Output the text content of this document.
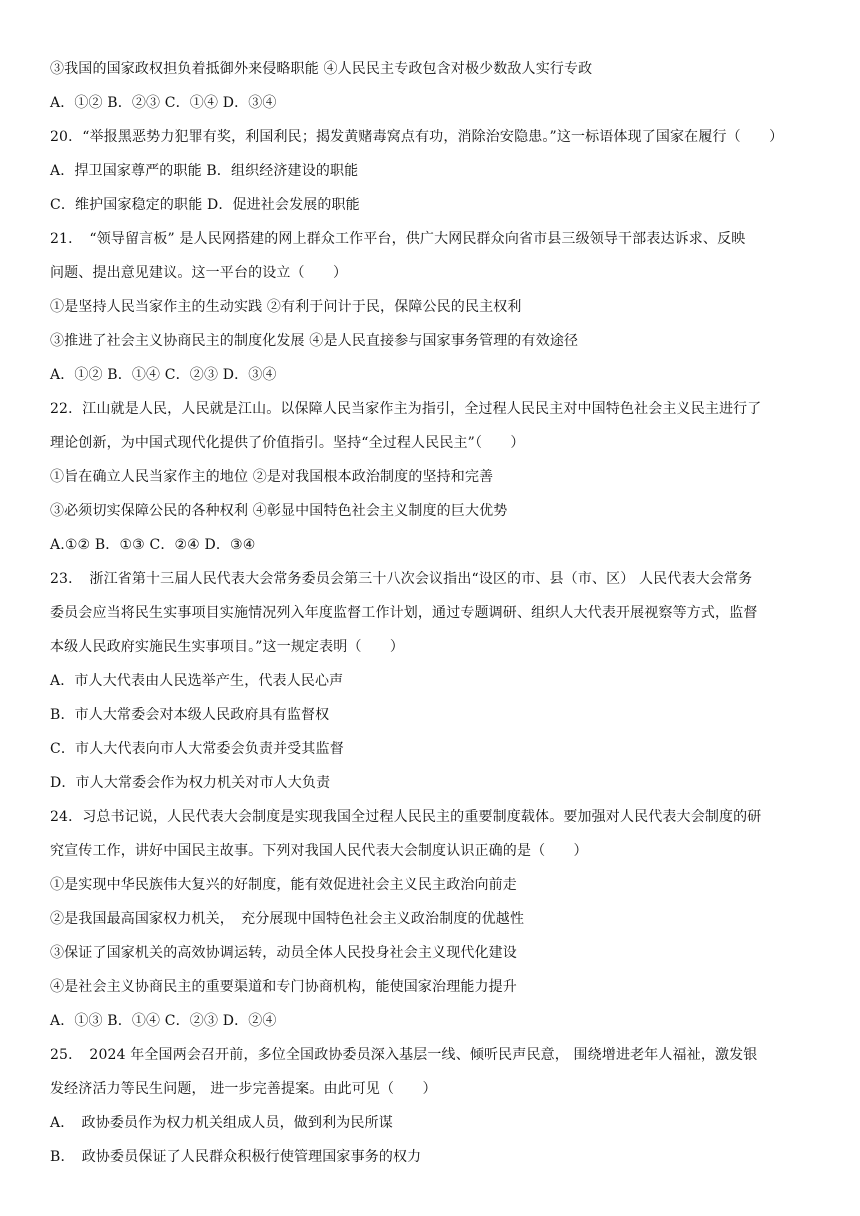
③我国的国家政权担负着抵御外来侵略职能 ④人民民主专政包含对极少数敌人实行专政
A．①② B．②③ C．①④ D．③④
20．“举报黑恶势力犯罪有奖，利国利民；揭发黄赌毒窝点有功，消除治安隐患。”这一标语体现了国家在履行（　　）
A．捍卫国家尊严的职能 B．组织经济建设的职能
C．维护国家稳定的职能 D．促进社会发展的职能
21．　“领导留言板” 是人民网搭建的网上群众工作平台，供广大网民群众向省市县三级领导干部表达诉求、反映
问题、提出意见建议。这一平台的设立（　　）
①是坚持人民当家作主的生动实践 ②有利于问计于民，保障公民的民主权利
③推进了社会主义协商民主的制度化发展 ④是人民直接参与国家事务管理的有效途径
A．①② B．①④ C．②③ D．③④
22．江山就是人民，人民就是江山。以保障人民当家作主为指引，全过程人民民主对中国特色社会主义民主进行了
理论创新，为中国式现代化提供了价值指引。坚持“全过程人民民主”（　　）
①旨在确立人民当家作主的地位 ②是对我国根本政治制度的坚持和完善
③必须切实保障公民的各种权利 ④彰显中国特色社会主义制度的巨大优势
A.①② B．①③ C．②④ D．③④
23．　浙江省第十三届人民代表大会常务委员会第三十八次会议指出“设区的市、县（市、区） 人民代表大会常务
委员会应当将民生实事项目实施情况列入年度监督工作计划，通过专题调研、组织人大代表开展视察等方式，监督
本级人民政府实施民生实事项目。”这一规定表明（　　）
A．市人大代表由人民选举产生，代表人民心声
B．市人大常委会对本级人民政府具有监督权
C．市人大代表向市人大常委会负责并受其监督
D．市人大常委会作为权力机关对市人大负责
24．习总书记说，人民代表大会制度是实现我国全过程人民民主的重要制度载体。要加强对人民代表大会制度的研
究宣传工作，讲好中国民主故事。下列对我国人民代表大会制度认识正确的是（　　）
①是实现中华民族伟大复兴的好制度，能有效促进社会主义民主政治向前走
②是我国最高国家权力机关，　充分展现中国特色社会主义政治制度的优越性
③保证了国家机关的高效协调运转，动员全体人民投身社会主义现代化建设
④是社会主义协商民主的重要渠道和专门协商机构，能使国家治理能力提升
A．①③ B．①④ C．②③ D．②④
25．　2024 年全国两会召开前，多位全国政协委员深入基层一线、倾听民声民意， 围绕增进老年人福祉，激发银
发经济活力等民生问题， 进一步完善提案。由此可见（　　）
A．　政协委员作为权力机关组成人员，做到利为民所谋
B．　政协委员保证了人民群众积极行使管理国家事务的权力
